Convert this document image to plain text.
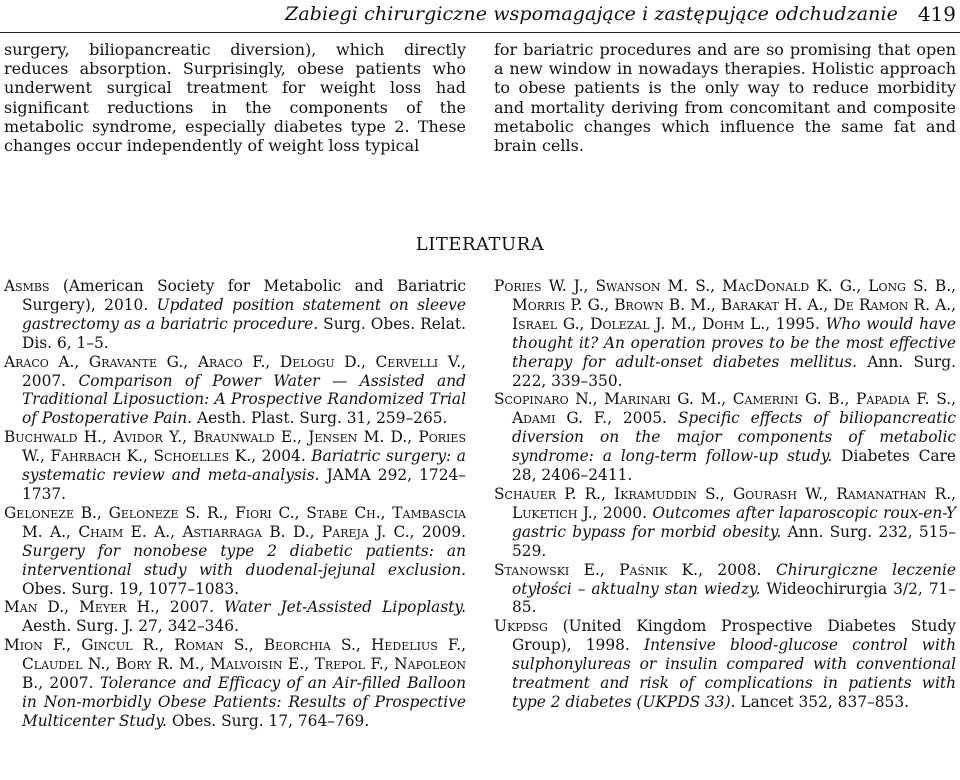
Zabiegi chirurgiczne wspomagające i zastępujące odchudzanie 419

surgery, biliopancreatic diversion), which directly reduces absorption. Surprisingly, obese patients who underwent surgical treatment for weight loss had significant reductions in the components of the metabolic syndrome, especially diabetes type 2. These changes occur independently of weight loss typical

for bariatric procedures and are so promising that open a new window in nowadays therapies. Holistic approach to obese patients is the only way to reduce morbidity and mortality deriving from concomitant and composite metabolic changes which influence the same fat and brain cells.

LITERATURA

Asmbs (American Society for Metabolic and Bariatric Surgery), 2010. Updated position statement on sleeve gastrectomy as a bariatric procedure. Surg. Obes. Relat. Dis. 6, 1–5.

Araco A., Gravante G., Araco F., Delogu D., Cervelli V., 2007. Comparison of Power Water — Assisted and Traditional Liposuction: A Prospective Randomized Trial of Postoperative Pain. Aesth. Plast. Surg. 31, 259–265.

Buchwald H., Avidor Y., Braunwald E., Jensen M. D., Pories W., Fahrbach K., Schoelles K., 2004. Bariatric surgery: a systematic review and meta-analysis. JAMA 292, 1724–1737.

Geloneze B., Geloneze S. R., Fiori C., Stabe Ch., Tambascia M. A., Chaim E. A., Astiarraga B. D., Pareja J. C., 2009. Surgery for nonobese type 2 diabetic patients: an interventional study with duodenal-jejunal exclusion. Obes. Surg. 19, 1077–1083.

Man D., Meyer H., 2007. Water Jet-Assisted Lipoplasty. Aesth. Surg. J. 27, 342–346.

Mion F., Gincul R., Roman S., Beorchia S., Hedelius F., Claudel N., Bory R. M., Malvoisin E., Trepol F., Napoleon B., 2007. Tolerance and Efficacy of an Air-filled Balloon in Non-morbidly Obese Patients: Results of Prospective Multicenter Study. Obes. Surg. 17, 764–769.

Pories W. J., Swanson M. S., MacDonald K. G., Long S. B., Morris P. G., Brown B. M., Barakat H. A., De Ramon R. A., Israel G., Dolezal J. M., Dohm L., 1995. Who would have thought it? An operation proves to be the most effective therapy for adult-onset diabetes mellitus. Ann. Surg. 222, 339–350.

Scopinaro N., Marinari G. M., Camerini G. B., Papadia F. S., Adami G. F., 2005. Specific effects of biliopancreatic diversion on the major components of metabolic syndrome: a long-term follow-up study. Diabetes Care 28, 2406–2411.

Schauer P. R., Ikramuddin S., Gourash W., Ramanathan R., Luketich J., 2000. Outcomes after laparoscopic roux-en-Y gastric bypass for morbid obesity. Ann. Surg. 232, 515–529.

Stanowski E., Paśnik K., 2008. Chirurgiczne leczenie otyłości – aktualny stan wiedzy. Wideochirurgia 3/2, 71–85.

Ukpdsg (United Kingdom Prospective Diabetes Study Group), 1998. Intensive blood-glucose control with sulphonylureas or insulin compared with conventional treatment and risk of complications in patients with type 2 diabetes (UKPDS 33). Lancet 352, 837–853.
